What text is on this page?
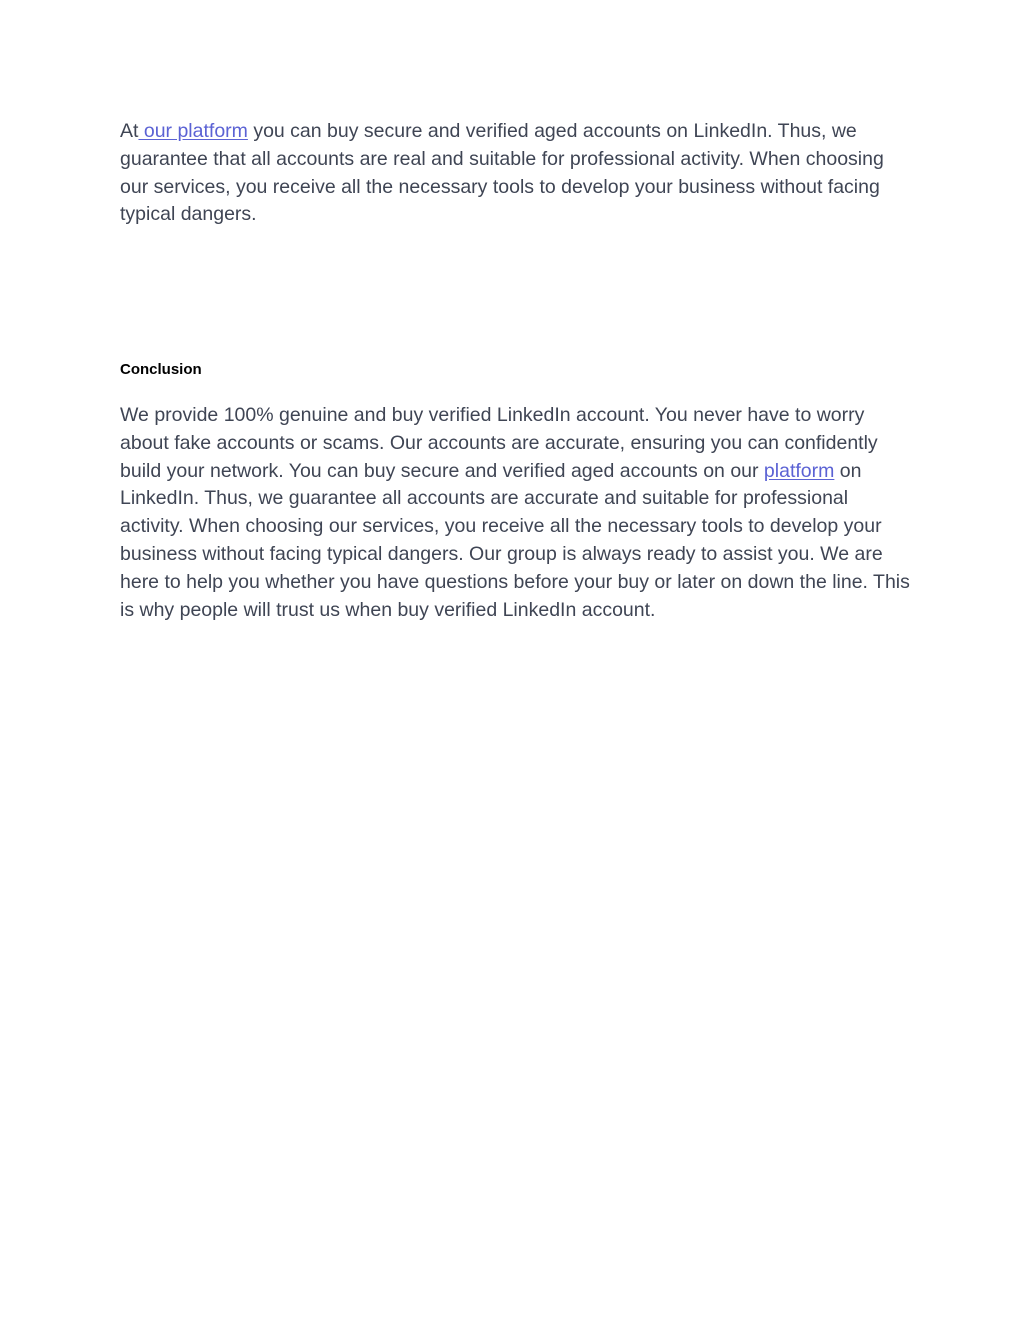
At our platform you can buy secure and verified aged accounts on LinkedIn. Thus, we guarantee that all accounts are real and suitable for professional activity. When choosing our services, you receive all the necessary tools to develop your business without facing typical dangers.

Conclusion

We provide 100% genuine and buy verified LinkedIn account. You never have to worry about fake accounts or scams. Our accounts are accurate, ensuring you can confidently build your network. You can buy secure and verified aged accounts on our platform on LinkedIn. Thus, we guarantee all accounts are accurate and suitable for professional activity. When choosing our services, you receive all the necessary tools to develop your business without facing typical dangers. Our group is always ready to assist you. We are here to help you whether you have questions before your buy or later on down the line. This is why people will trust us when buy verified LinkedIn account.
